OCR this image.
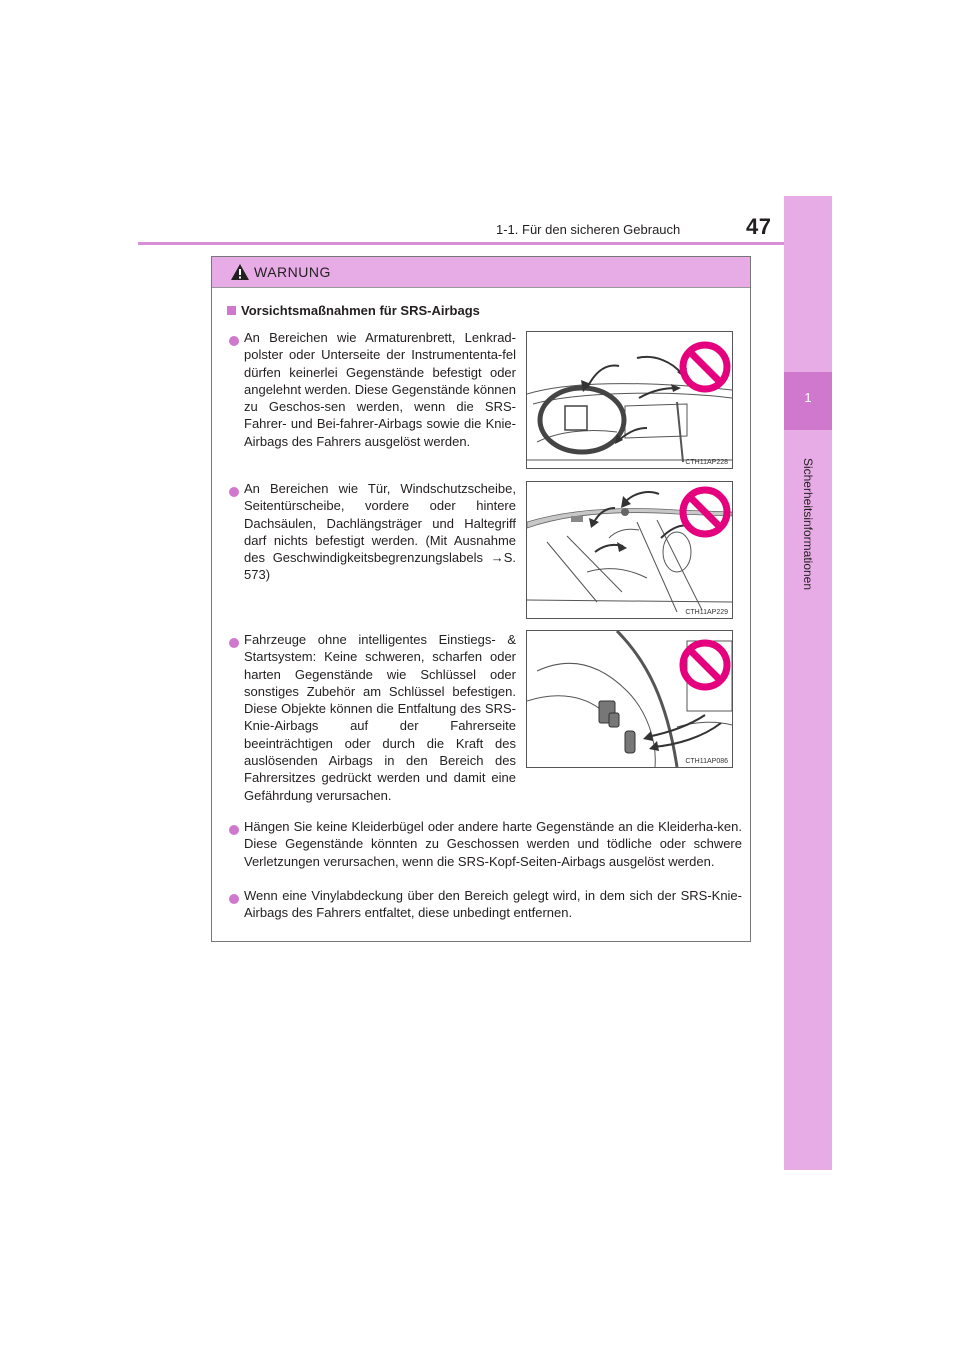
1-1. Für den sicheren Gebrauch	47
1
Sicherheitsinformationen
WARNUNG
Vorsichtsmaßnahmen für SRS-Airbags
An Bereichen wie Armaturenbrett, Lenkrad-polster oder Unterseite der Instrumententa-fel dürfen keinerlei Gegenstände befestigt oder angelehnt werden. Diese Gegenstände können zu Geschos-sen werden, wenn die SRS-Fahrer- und Bei-fahrer-Airbags sowie die Knie-Airbags des Fahrers ausgelöst werden.
CTH11AP228
An Bereichen wie Tür, Windschutzscheibe, Seitentürscheibe, vordere oder hintere Dachsäulen, Dachlängsträger und Haltegriff darf nichts befestigt werden. (Mit Ausnahme des Geschwindigkeitsbegrenzungslabels →S. 573)
CTH11AP229
Fahrzeuge ohne intelligentes Einstiegs- & Startsystem: Keine schweren, scharfen oder harten Gegenstände wie Schlüssel oder sonstiges Zubehör am Schlüssel befestigen. Diese Objekte können die Entfaltung des SRS-Knie-Airbags auf der Fahrerseite beeinträchtigen oder durch die Kraft des auslösenden Airbags in den Bereich des Fahrersitzes gedrückt werden und damit eine Gefährdung verursachen.
CTH11AP086
Hängen Sie keine Kleiderbügel oder andere harte Gegenstände an die Kleiderha-ken. Diese Gegenstände könnten zu Geschossen werden und tödliche oder schwere Verletzungen verursachen, wenn die SRS-Kopf-Seiten-Airbags ausgelöst werden.
Wenn eine Vinylabdeckung über den Bereich gelegt wird, in dem sich der SRS-Knie-Airbags des Fahrers entfaltet, diese unbedingt entfernen.
